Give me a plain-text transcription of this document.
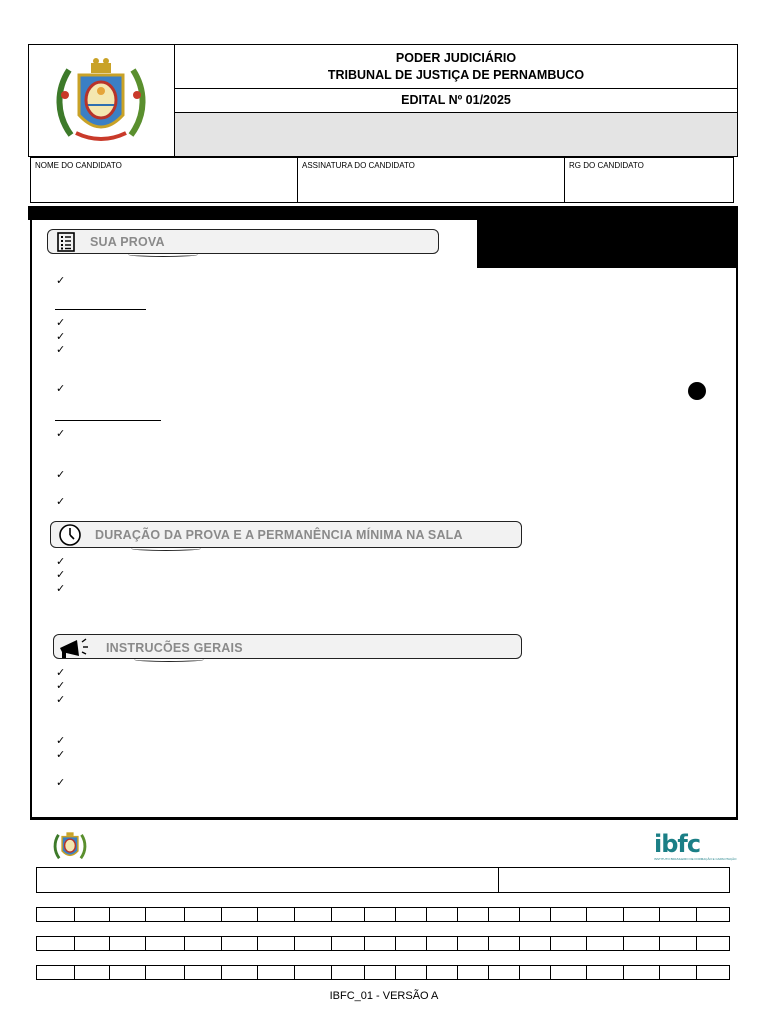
PODER JUDICIÁRIO
TRIBUNAL DE JUSTIÇA DE PERNAMBUCO
EDITAL Nº 01/2025
NOME DO CANDIDATO	ASSINATURA DO CANDIDATO	RG DO CANDIDATO
SUA PROVA
✓
✓
✓
✓
✓
✓
✓
✓
DURAÇÃO DA PROVA E A PERMANÊNCIA MÍNIMA NA SALA
✓
✓
✓
INSTRUCÕES GERAIS
✓
✓
✓
✓
✓
✓
ibfc
INSTITUTO BRASILEIRO DE FORMAÇÃO E CAPACITAÇÃO
IBFC_01 - VERSÃO A
